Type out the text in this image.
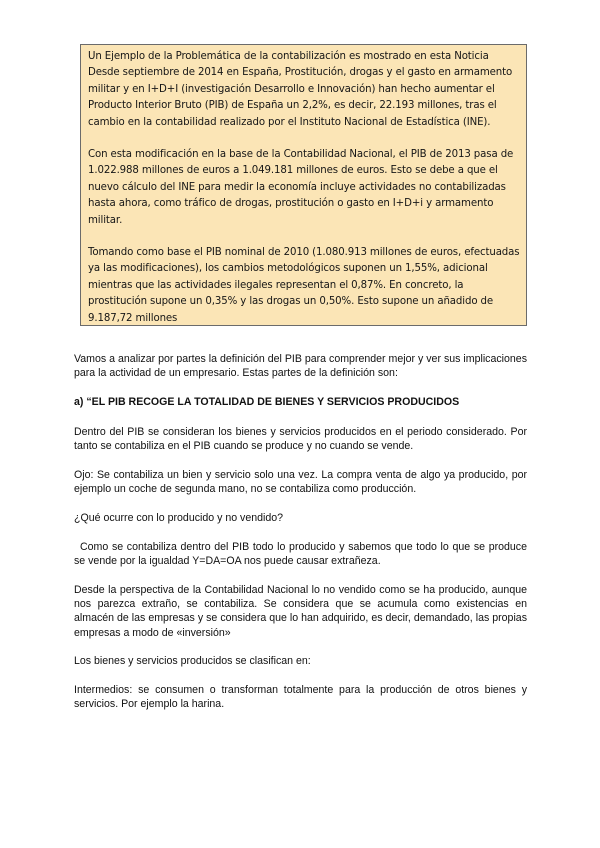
Un Ejemplo de la Problemática de la contabilización es mostrado en esta Noticia Desde septiembre de 2014 en España, Prostitución, drogas y el gasto en armamento militar y en I+D+I (investigación Desarrollo e Innovación) han hecho aumentar el Producto Interior Bruto (PIB) de España un 2,2%, es decir, 22.193 millones, tras el cambio en la contabilidad realizado por el Instituto Nacional de Estadística (INE).

Con esta modificación en la base de la Contabilidad Nacional, el PIB de 2013 pasa de 1.022.988 millones de euros a 1.049.181 millones de euros. Esto se debe a que el nuevo cálculo del INE para medir la economía incluye actividades no contabilizadas hasta ahora, como tráfico de drogas, prostitución o gasto en I+D+i y armamento militar.

Tomando como base el PIB nominal de 2010 (1.080.913 millones de euros, efectuadas ya las modificaciones), los cambios metodológicos suponen un 1,55%, adicional mientras que las actividades ilegales representan el 0,87%. En concreto, la prostitución supone un 0,35% y las drogas un 0,50%. Esto supone un añadido de 9.187,72 millones

Vamos a analizar por partes la definición del PIB para comprender mejor y ver sus implicaciones para la actividad de un empresario. Estas partes de la definición son:

a) “EL PIB RECOGE LA TOTALIDAD DE BIENES Y SERVICIOS PRODUCIDOS

Dentro del PIB se consideran los bienes y servicios producidos en el periodo considerado. Por tanto se contabiliza en el PIB cuando se produce y no cuando se vende.

Ojo: Se contabiliza un bien y servicio solo una vez. La compra venta de algo ya producido, por ejemplo un coche de segunda mano, no se contabiliza como producción.

¿Qué ocurre con lo producido y no vendido?

Como se contabiliza dentro del PIB todo lo producido y sabemos que todo lo que se produce se vende por la igualdad Y=DA=OA nos puede causar extrañeza.

Desde la perspectiva de la Contabilidad Nacional lo no vendido como se ha producido, aunque nos parezca extraño, se contabiliza. Se considera que se acumula como existencias en almacén de las empresas y se considera que lo han adquirido, es decir, demandado, las propias empresas a modo de «inversión»

Los bienes y servicios producidos se clasifican en:

Intermedios: se consumen o transforman totalmente para la producción de otros bienes y servicios. Por ejemplo la harina.
